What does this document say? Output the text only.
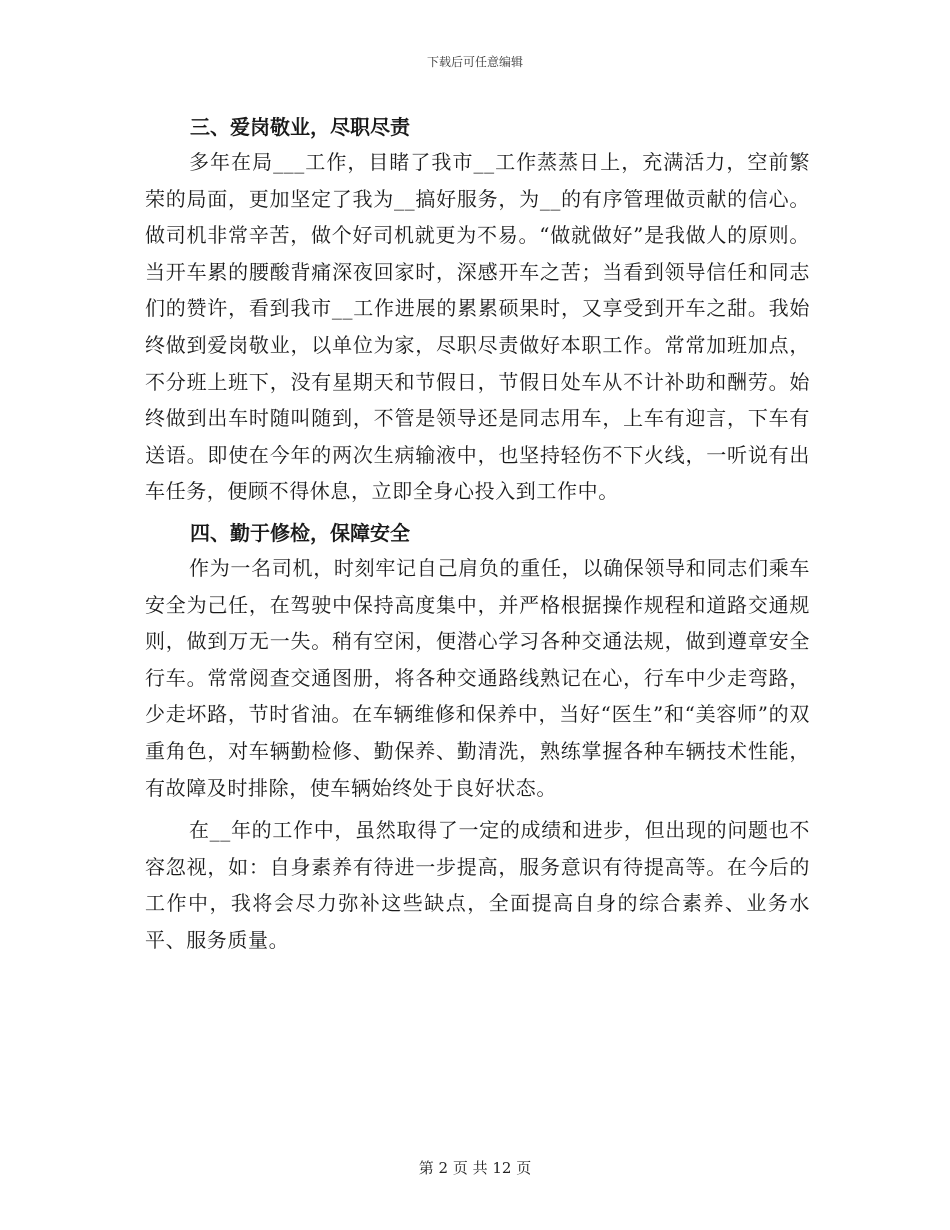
下载后可任意编辑
三、爱岗敬业，尽职尽责

多年在局___工作，目睹了我市__工作蒸蒸日上，充满活力，空前繁荣的局面，更加坚定了我为__搞好服务，为__的有序管理做贡献的信心。做司机非常辛苦，做个好司机就更为不易。“做就做好”是我做人的原则。当开车累的腰酸背痛深夜回家时，深感开车之苦；当看到领导信任和同志们的赞许，看到我市__工作进展的累累硕果时，又享受到开车之甜。我始终做到爱岗敬业，以单位为家，尽职尽责做好本职工作。常常加班加点，不分班上班下，没有星期天和节假日，节假日处车从不计补助和酬劳。始终做到出车时随叫随到，不管是领导还是同志用车，上车有迎言，下车有送语。即使在今年的两次生病输液中，也坚持轻伤不下火线，一听说有出车任务，便顾不得休息，立即全身心投入到工作中。

四、勤于修检，保障安全

作为一名司机，时刻牢记自己肩负的重任，以确保领导和同志们乘车安全为己任，在驾驶中保持高度集中，并严格根据操作规程和道路交通规则，做到万无一失。稍有空闲，便潜心学习各种交通法规，做到遵章安全行车。常常阅查交通图册，将各种交通路线熟记在心，行车中少走弯路，少走坏路，节时省油。在车辆维修和保养中，当好“医生”和“美容师”的双重角色，对车辆勤检修、勤保养、勤清洗，熟练掌握各种车辆技术性能，有故障及时排除，使车辆始终处于良好状态。

在__年的工作中，虽然取得了一定的成绩和进步，但出现的问题也不容忽视，如：自身素养有待进一步提高，服务意识有待提高等。在今后的工作中，我将会尽力弥补这些缺点，全面提高自身的综合素养、业务水平、服务质量。

第 2 页 共 12 页
